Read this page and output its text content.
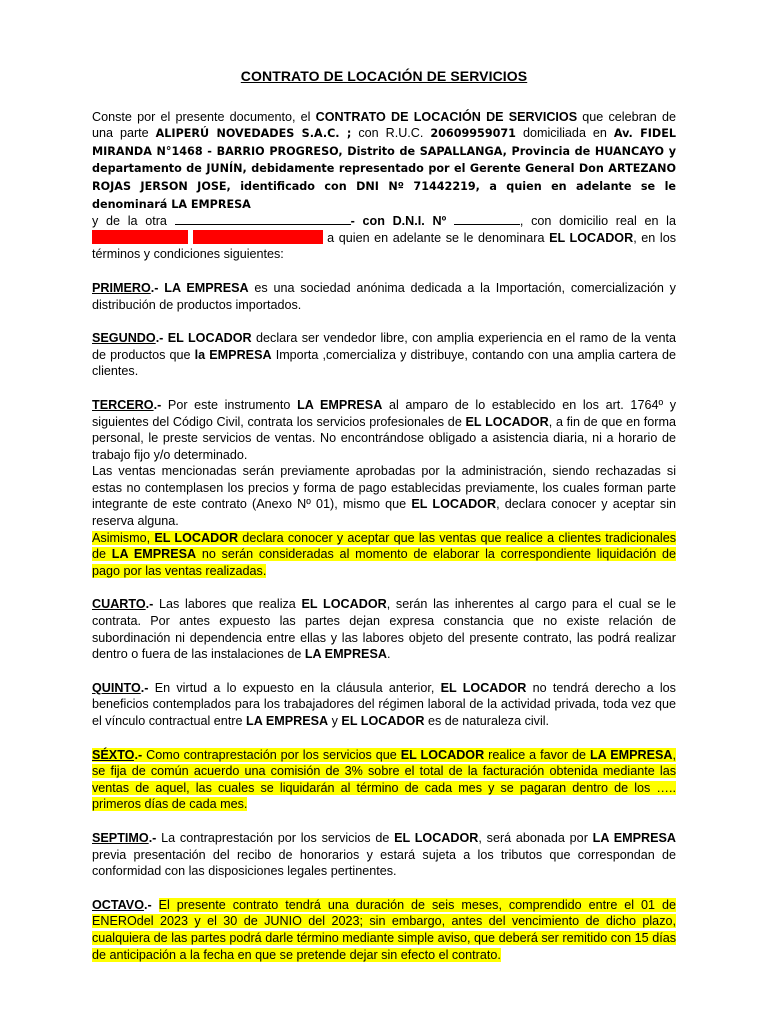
CONTRATO DE LOCACIÓN DE SERVICIOS
Conste por el presente documento, el CONTRATO DE LOCACIÓN DE SERVICIOS que celebran de una parte ALIPERÚ NOVEDADES S.A.C. ; con R.U.C. 20609959071 domiciliada en Av. FIDEL MIRANDA N°1468 - BARRIO PROGRESO, Distrito de SAPALLANGA, Provincia de HUANCAYO y departamento de JUNÍN, debidamente representado por el Gerente General Don ARTEZANO ROJAS JERSON JOSE, identificado con DNI Nº 71442219, a quien en adelante se le denominará LA EMPRESA
y de la otra	- con D.N.I. Nº	, con domicilio real en la   a quien en adelante se le denominara EL LOCADOR, en los términos y condiciones siguientes:
PRIMERO.- LA EMPRESA es una sociedad anónima dedicada a la Importación, comercialización y distribución de productos importados.
SEGUNDO.- EL LOCADOR declara ser vendedor libre, con amplia experiencia en el ramo de la venta de productos que la EMPRESA Importa ,comercializa y distribuye, contando con una amplia cartera de clientes.
TERCERO.- Por este instrumento LA EMPRESA al amparo de lo establecido en los art. 1764º y siguientes del Código Civil, contrata los servicios profesionales de EL LOCADOR, a fin de que en forma personal, le preste servicios de ventas. No encontrándose obligado a asistencia diaria, ni a horario de trabajo fijo y/o determinado.
Las ventas mencionadas serán previamente aprobadas por la administración, siendo rechazadas si estas no contemplasen los precios y forma de pago establecidas previamente, los cuales forman parte integrante de este contrato (Anexo Nº 01), mismo que EL LOCADOR, declara conocer y aceptar sin reserva alguna.
Asimismo, EL LOCADOR declara conocer y aceptar que las ventas que realice a clientes tradicionales de LA EMPRESA no serán consideradas al momento de elaborar la correspondiente liquidación de pago por las ventas realizadas.
CUARTO.- Las labores que realiza EL LOCADOR, serán las inherentes al cargo para el cual se le contrata. Por antes expuesto las partes dejan expresa constancia que no existe relación de subordinación ni dependencia entre ellas y las labores objeto del presente contrato, las podrá realizar dentro o fuera de las instalaciones de LA EMPRESA.
QUINTO.- En virtud a lo expuesto en la cláusula anterior, EL LOCADOR no tendrá derecho a los beneficios contemplados para los trabajadores del régimen laboral de la actividad privada, toda vez que el vínculo contractual entre LA EMPRESA y EL LOCADOR es de naturaleza civil.
SÉXTO.- Como contraprestación por los servicios que EL LOCADOR realice a favor de LA EMPRESA, se fija de común acuerdo una comisión de 3% sobre el total de la facturación obtenida mediante las ventas de aquel, las cuales se liquidarán al término de cada mes y se pagaran dentro de los ….. primeros días de cada mes.
SEPTIMO.- La contraprestación por los servicios de EL LOCADOR, será abonada por LA EMPRESA previa presentación del recibo de honorarios y estará sujeta a los tributos que correspondan de conformidad con las disposiciones legales pertinentes.
OCTAVO.- El presente contrato tendrá una duración de seis meses, comprendido entre el 01 de ENEROdel 2023 y el 30 de JUNIO del 2023; sin embargo, antes del vencimiento de dicho plazo, cualquiera de las partes podrá darle término mediante simple aviso, que deberá ser remitido con 15 días de anticipación a la fecha en que se pretende dejar sin efecto el contrato.
